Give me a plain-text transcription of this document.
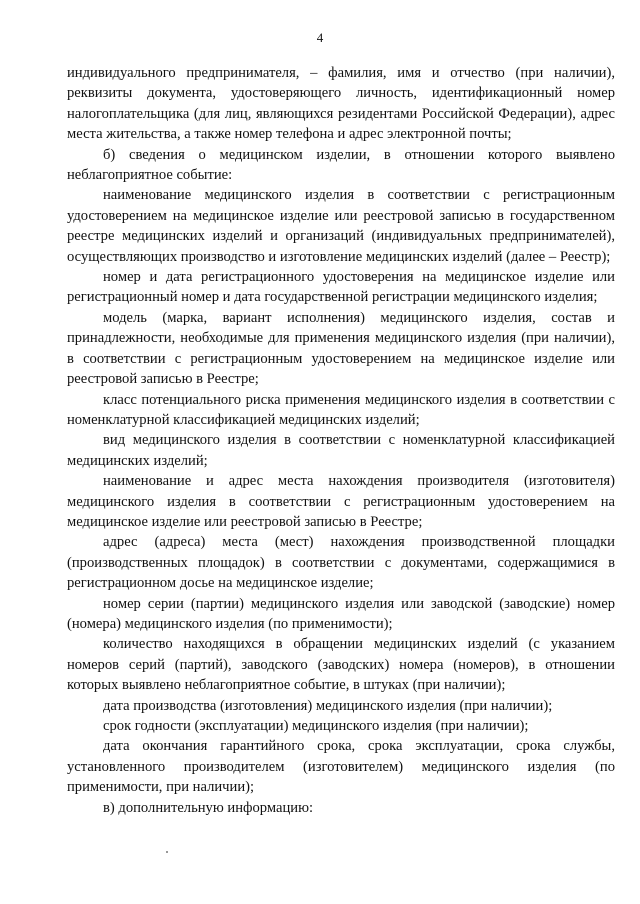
4

индивидуального предпринимателя, – фамилия, имя и отчество (при наличии), реквизиты документа, удостоверяющего личность, идентификационный номер налогоплательщика (для лиц, являющихся резидентами Российской Федерации), адрес места жительства, а также номер телефона и адрес электронной почты;

б) сведения о медицинском изделии, в отношении которого выявлено неблагоприятное событие:

наименование медицинского изделия в соответствии с регистрационным удостоверением на медицинское изделие или реестровой записью в государственном реестре медицинских изделий и организаций (индивидуальных предпринимателей), осуществляющих производство и изготовление медицинских изделий (далее – Реестр);

номер и дата регистрационного удостоверения на медицинское изделие или регистрационный номер и дата государственной регистрации медицинского изделия;

модель (марка, вариант исполнения) медицинского изделия, состав и принадлежности, необходимые для применения медицинского изделия (при наличии), в соответствии с регистрационным удостоверением на медицинское изделие или реестровой записью в Реестре;

класс потенциального риска применения медицинского изделия в соответствии с номенклатурной классификацией медицинских изделий;

вид медицинского изделия в соответствии с номенклатурной классификацией медицинских изделий;

наименование и адрес места нахождения производителя (изготовителя) медицинского изделия в соответствии с регистрационным удостоверением на медицинское изделие или реестровой записью в Реестре;

адрес (адреса) места (мест) нахождения производственной площадки (производственных площадок) в соответствии с документами, содержащимися в регистрационном досье на медицинское изделие;

номер серии (партии) медицинского изделия или заводской (заводские) номер (номера) медицинского изделия (по применимости);

количество находящихся в обращении медицинских изделий (с указанием номеров серий (партий), заводского (заводских) номера (номеров), в отношении которых выявлено неблагоприятное событие, в штуках (при наличии);

дата производства (изготовления) медицинского изделия (при наличии);

срок годности (эксплуатации) медицинского изделия (при наличии);

дата окончания гарантийного срока, срока эксплуатации, срока службы, установленного производителем (изготовителем) медицинского изделия (по применимости, при наличии);

в) дополнительную информацию:
